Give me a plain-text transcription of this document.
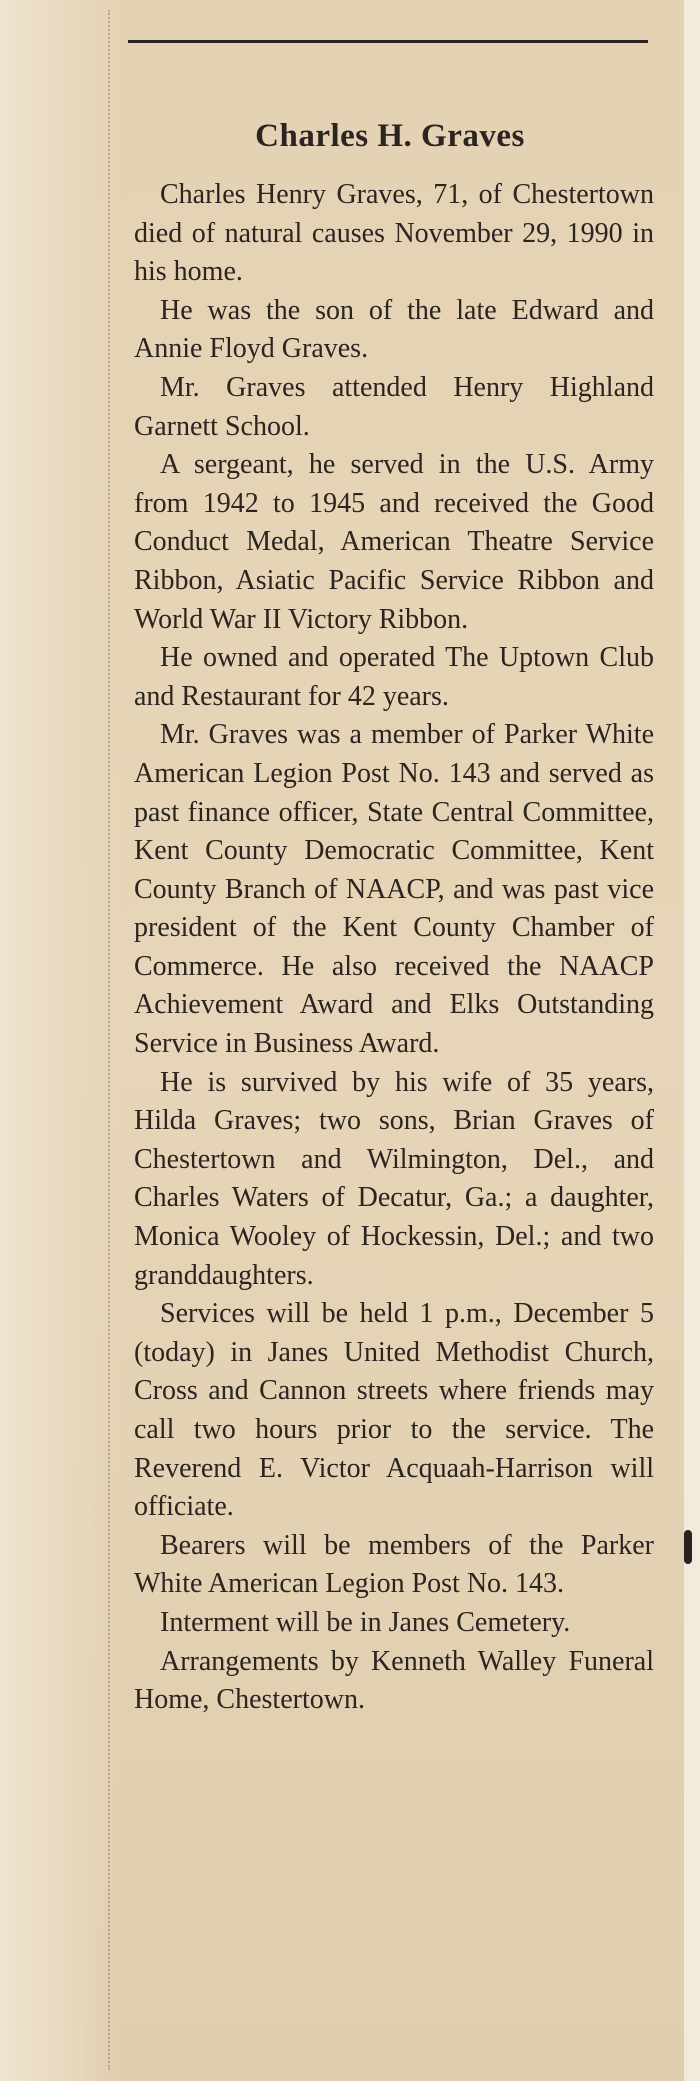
Charles H. Graves

Charles Henry Graves, 71, of Chestertown died of natural causes November 29, 1990 in his home.

He was the son of the late Edward and Annie Floyd Graves.

Mr. Graves attended Henry Highland Garnett School.

A sergeant, he served in the U.S. Army from 1942 to 1945 and received the Good Conduct Medal, American Theatre Service Ribbon, Asiatic Pacific Service Ribbon and World War II Victory Ribbon.

He owned and operated The Uptown Club and Restaurant for 42 years.

Mr. Graves was a member of Parker White American Legion Post No. 143 and served as past finance officer, State Central Committee, Kent County Democratic Committee, Kent County Branch of NAACP, and was past vice president of the Kent County Chamber of Commerce. He also received the NAACP Achievement Award and Elks Outstanding Service in Business Award.

He is survived by his wife of 35 years, Hilda Graves; two sons, Brian Graves of Chestertown and Wilmington, Del., and Charles Waters of Decatur, Ga.; a daughter, Monica Wooley of Hockessin, Del.; and two granddaughters.

Services will be held 1 p.m., December 5 (today) in Janes United Methodist Church, Cross and Cannon streets where friends may call two hours prior to the service. The Reverend E. Victor Acquaah-Harrison will officiate.

Bearers will be members of the Parker White American Legion Post No. 143.

Interment will be in Janes Cemetery.

Arrangements by Kenneth Walley Funeral Home, Chestertown.
